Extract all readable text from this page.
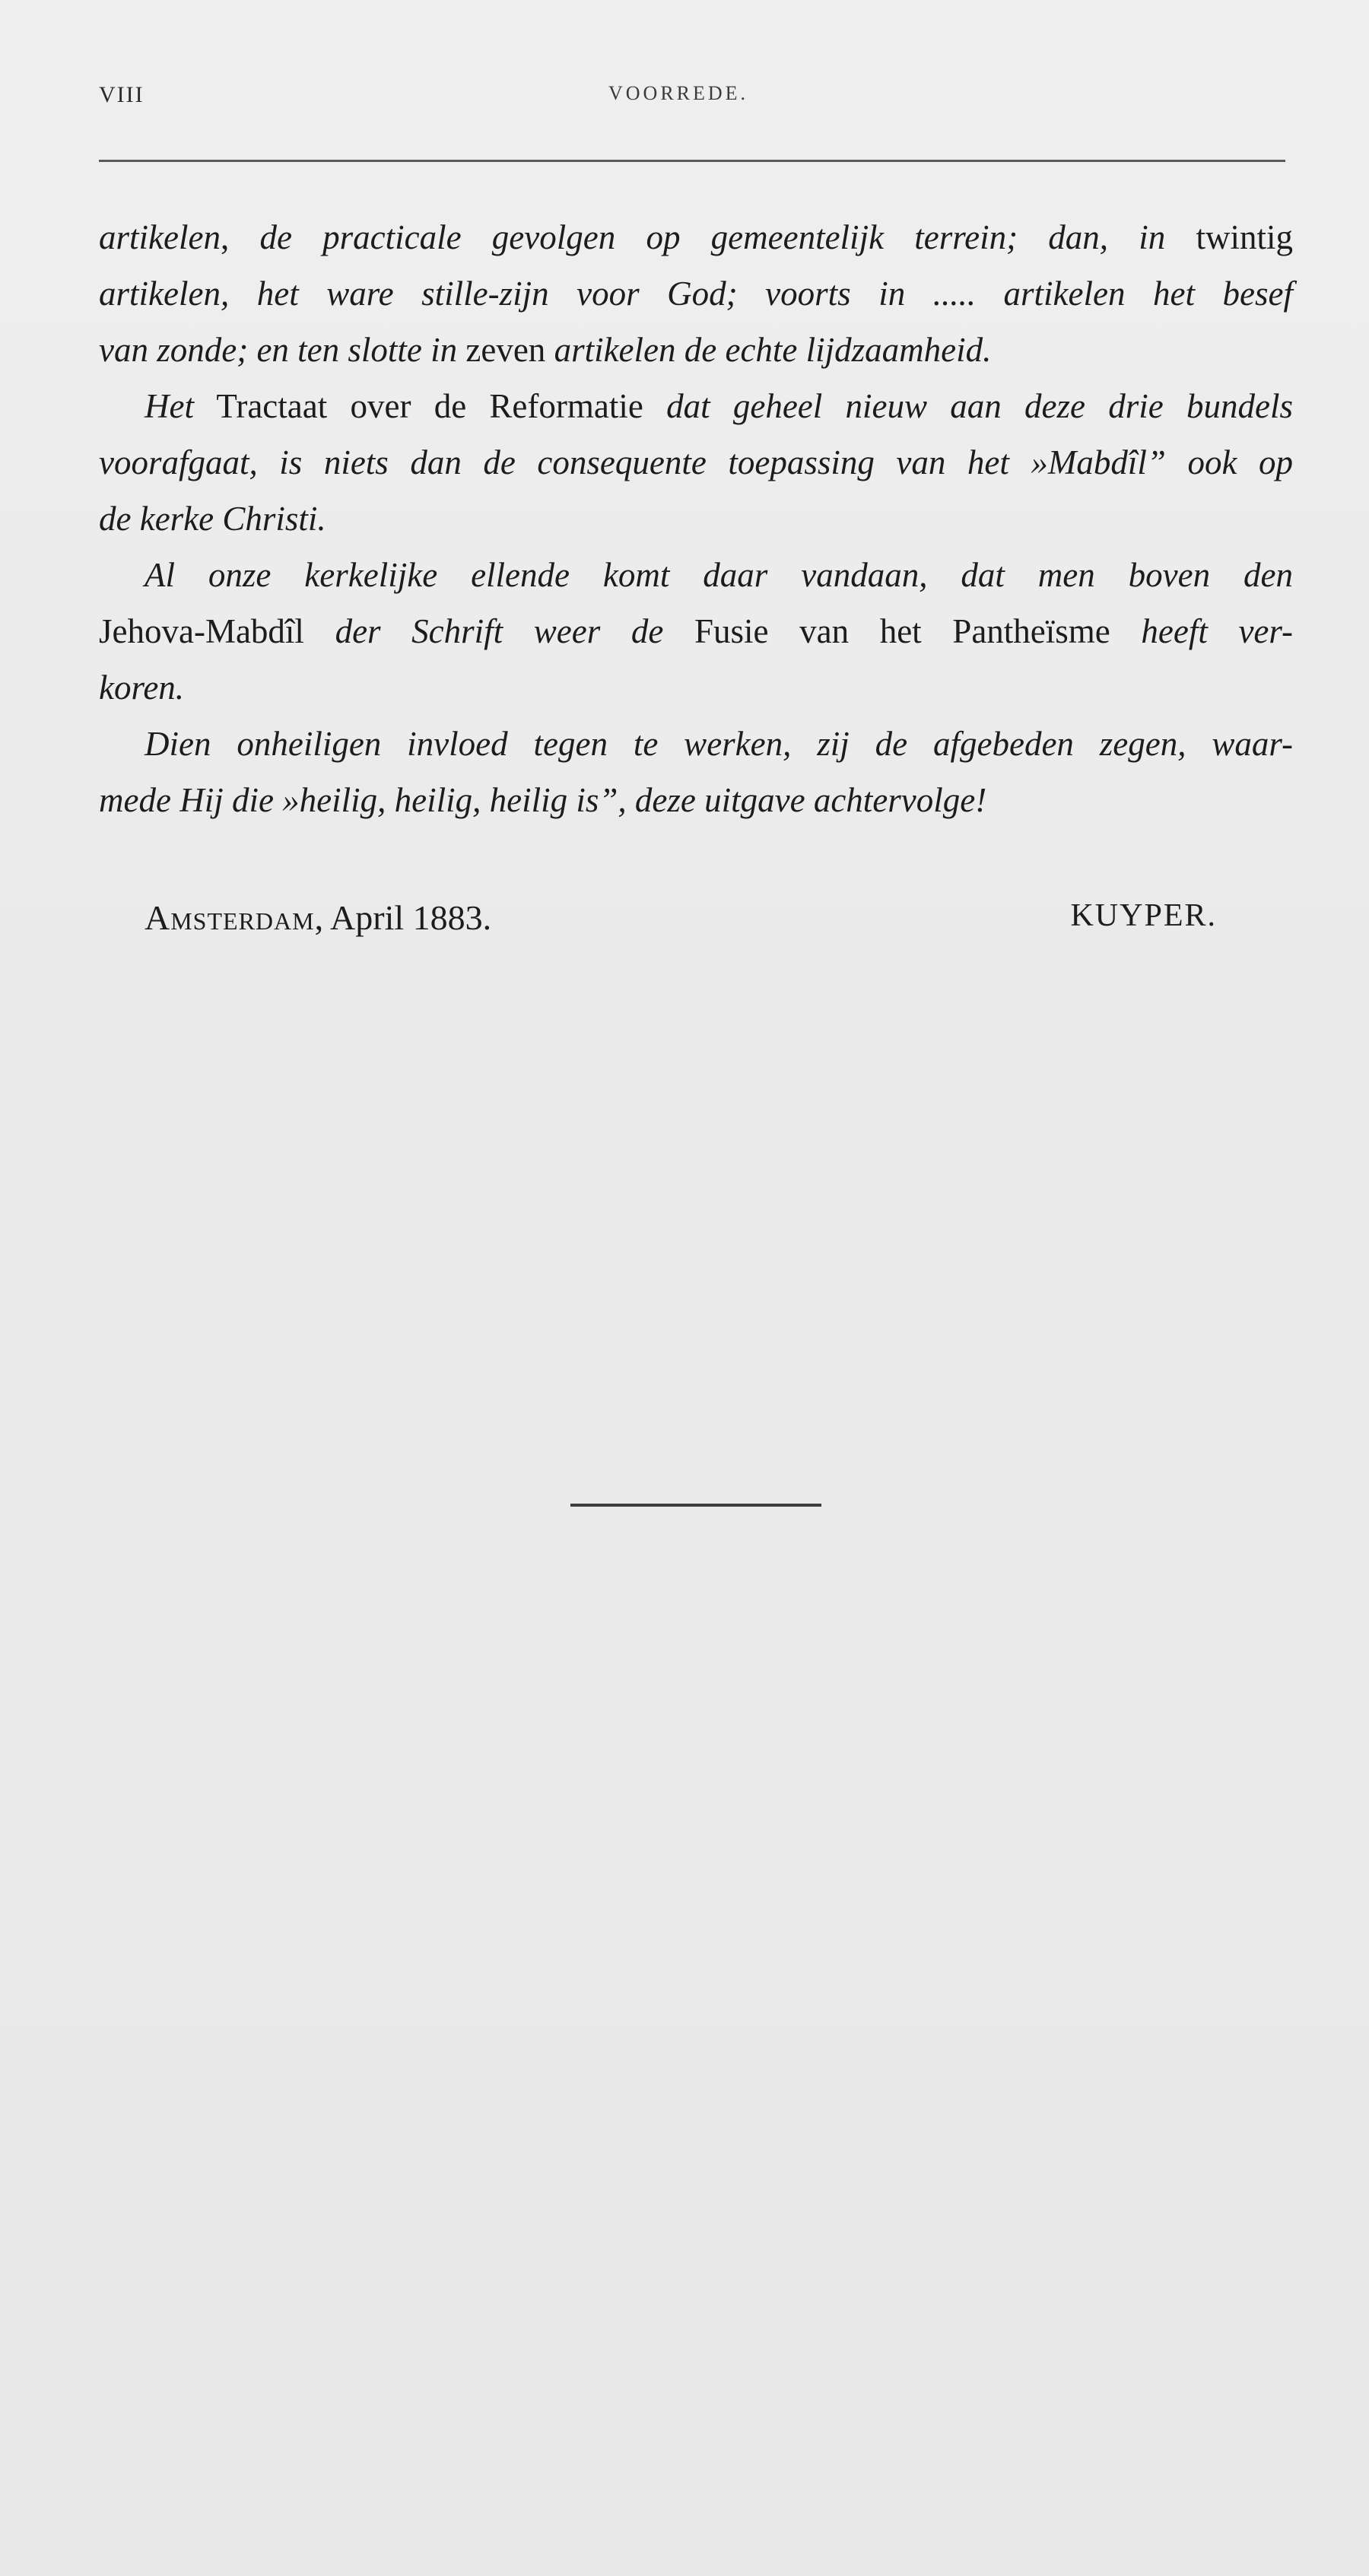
VIII	VOORREDE.
artikelen, de practicale gevolgen op gemeentelijk terrein; dan, in twintig
artikelen, het ware stille-zijn voor God; voorts in ..... artikelen het besef
van zonde; en ten slotte in zeven artikelen de echte lijdzaamheid.
Het Tractaat over de Reformatie dat geheel nieuw aan deze drie bundels
voorafgaat, is niets dan de consequente toepassing van het »Mabdîl” ook op
de kerke Christi.
Al onze kerkelijke ellende komt daar vandaan, dat men boven den
Jehova-Mabdîl der Schrift weer de Fusie van het Pantheïsme heeft ver-
koren.
Dien onheiligen invloed tegen te werken, zij de afgebeden zegen, waar-
mede Hij die »heilig, heilig, heilig is”, deze uitgave achtervolge!
Amsterdam, April 1883.	KUYPER.
